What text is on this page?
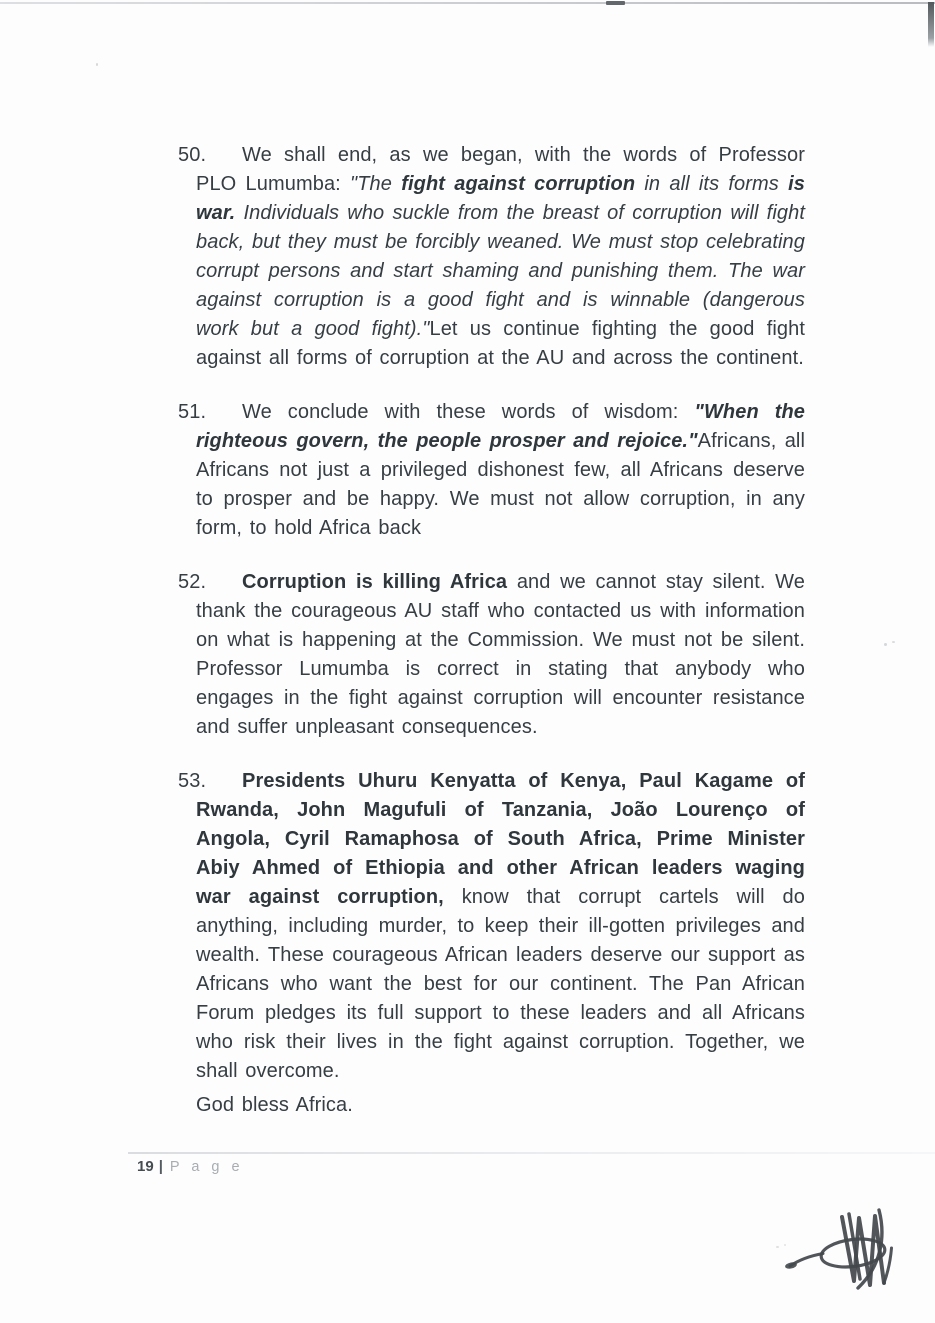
50. We shall end, as we began, with the words of Professor PLO Lumumba: "The fight against corruption in all its forms is war. Individuals who suckle from the breast of corruption will fight back, but they must be forcibly weaned. We must stop celebrating corrupt persons and start shaming and punishing them. The war against corruption is a good fight and is winnable (dangerous work but a good fight)."Let us continue fighting the good fight against all forms of corruption at the AU and across the continent.
51. We conclude with these words of wisdom: "When the righteous govern, the people prosper and rejoice."Africans, all Africans not just a privileged dishonest few, all Africans deserve to prosper and be happy. We must not allow corruption, in any form, to hold Africa back
52. Corruption is killing Africa and we cannot stay silent. We thank the courageous AU staff who contacted us with information on what is happening at the Commission. We must not be silent. Professor Lumumba is correct in stating that anybody who engages in the fight against corruption will encounter resistance and suffer unpleasant consequences.
53. Presidents Uhuru Kenyatta of Kenya, Paul Kagame of Rwanda, John Magufuli of Tanzania, João Lourenço of Angola, Cyril Ramaphosa of South Africa, Prime Minister Abiy Ahmed of Ethiopia and other African leaders waging war against corruption, know that corrupt cartels will do anything, including murder, to keep their ill-gotten privileges and wealth. These courageous African leaders deserve our support as Africans who want the best for our continent. The Pan African Forum pledges its full support to these leaders and all Africans who risk their lives in the fight against corruption. Together, we shall overcome.
God bless Africa.
19 | P a g e
